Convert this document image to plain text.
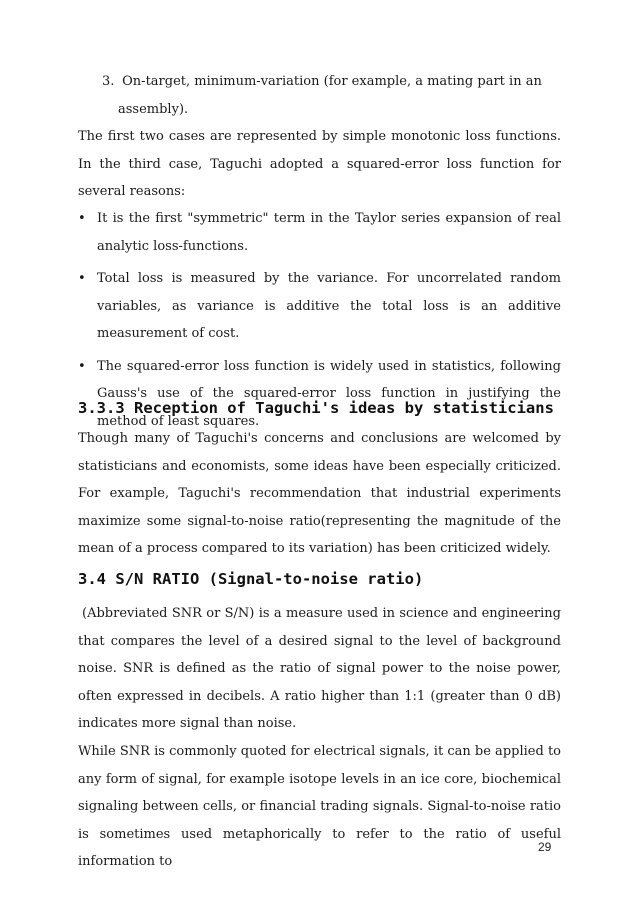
3. On-target, minimum-variation (for example, a mating part in an
assembly).

The first two cases are represented by simple monotonic loss functions. In the third case, Taguchi adopted a squared-error loss function for several reasons:

• It is the first "symmetric" term in the Taylor series expansion of real analytic loss-functions.
• Total loss is measured by the variance. For uncorrelated random variables, as variance is additive the total loss is an additive measurement of cost.
• The squared-error loss function is widely used in statistics, following Gauss's use of the squared-error loss function in justifying the method of least squares.
3.3.3 Reception of Taguchi's ideas by statisticians

Though many of Taguchi's concerns and conclusions are welcomed by statisticians and economists, some ideas have been especially criticized. For example, Taguchi's recommendation that industrial experiments maximize some signal-to-noise ratio(representing the magnitude of the mean of a process compared to its variation) has been criticized widely.

3.4 S/N RATIO (Signal-to-noise ratio)

(Abbreviated SNR or S/N) is a measure used in science and engineering that compares the level of a desired signal to the level of background noise. SNR is defined as the ratio of signal power to the noise power, often expressed in decibels. A ratio higher than 1:1 (greater than 0 dB) indicates more signal than noise.

While SNR is commonly quoted for electrical signals, it can be applied to any form of signal, for example isotope levels in an ice core, biochemical signaling between cells, or financial trading signals. Signal-to-noise ratio is sometimes used metaphorically to refer to the ratio of useful information to

29
